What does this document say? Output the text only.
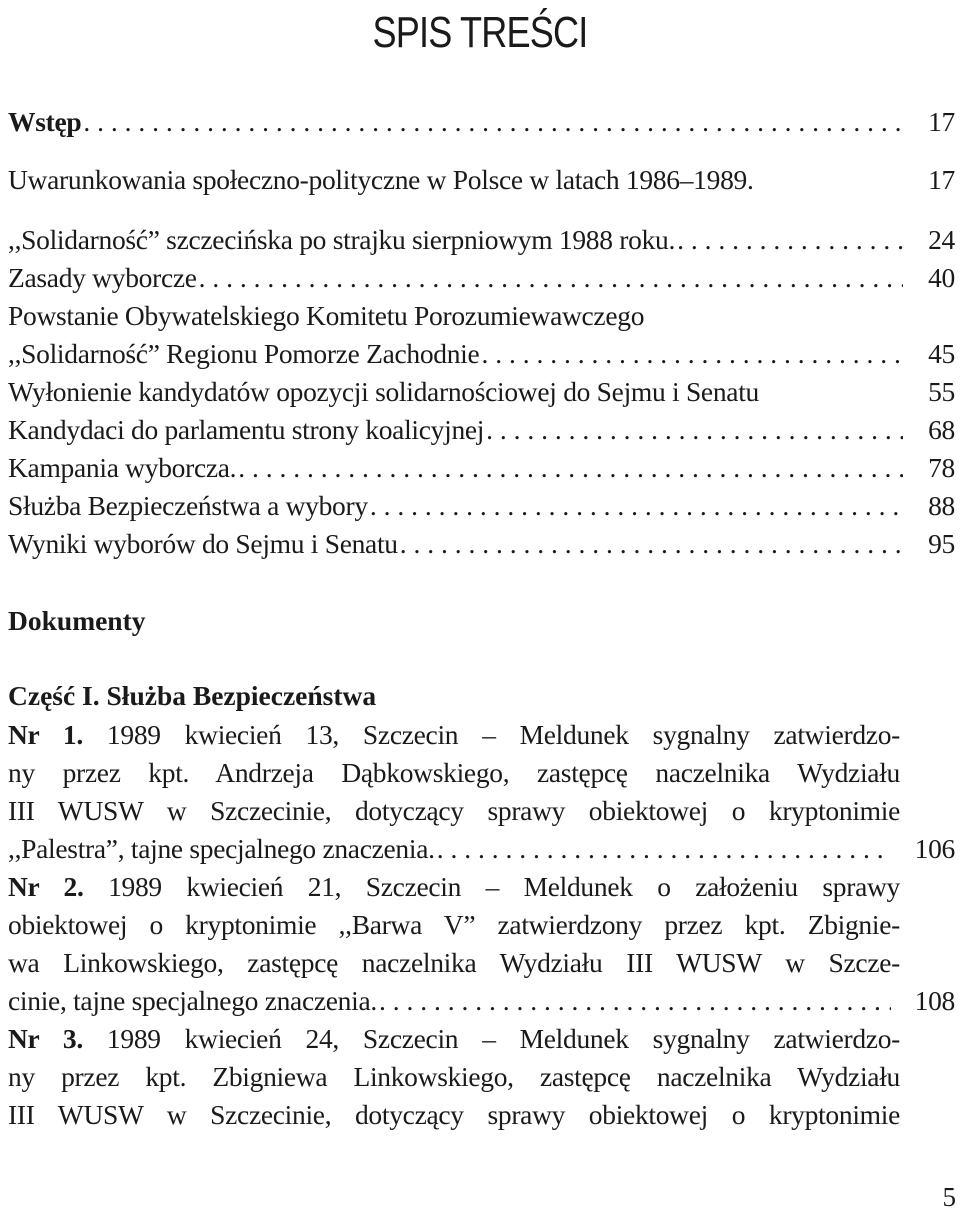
SPIS TREŚCI
Wstęp . . .	17
Uwarunkowania społeczno-polityczne w Polsce w latach 1986–1989.	17
,,Solidarność” szczecińska po strajku sierpniowym 1988 roku. . . .	24
Zasady wyborcze . . .	40
Powstanie Obywatelskiego Komitetu Porozumiewawczego
,,Solidarność” Regionu Pomorze Zachodnie . . .	45
Wyłonienie kandydatów opozycji solidarnościowej do Sejmu i Senatu	55
Kandydaci do parlamentu strony koalicyjnej . . .	68
Kampania wyborcza. . . .	78
Służba Bezpieczeństwa a wybory . . .	88
Wyniki wyborów do Sejmu i Senatu . . .	95
Dokumenty
Część I. Służba Bezpieczeństwa
Nr 1. 1989 kwiecień 13, Szczecin – Meldunek sygnalny zatwierdzo-
ny przez kpt. Andrzeja Dąbkowskiego, zastępcę naczelnika Wydziału
III WUSW w Szczecinie, dotyczący sprawy obiektowej o kryptonimie
,,Palestra”, tajne specjalnego znaczenia. . . .	106
Nr 2. 1989 kwiecień 21, Szczecin – Meldunek o założeniu sprawy
obiektowej o kryptonimie ,,Barwa V” zatwierdzony przez kpt. Zbignie-
wa Linkowskiego, zastępcę naczelnika Wydziału III WUSW w Szcze-
cinie, tajne specjalnego znaczenia. . . .	108
Nr 3. 1989 kwiecień 24, Szczecin – Meldunek sygnalny zatwierdzo-
ny przez kpt. Zbigniewa Linkowskiego, zastępcę naczelnika Wydziału
III WUSW w Szczecinie, dotyczący sprawy obiektowej o kryptonimie
5
